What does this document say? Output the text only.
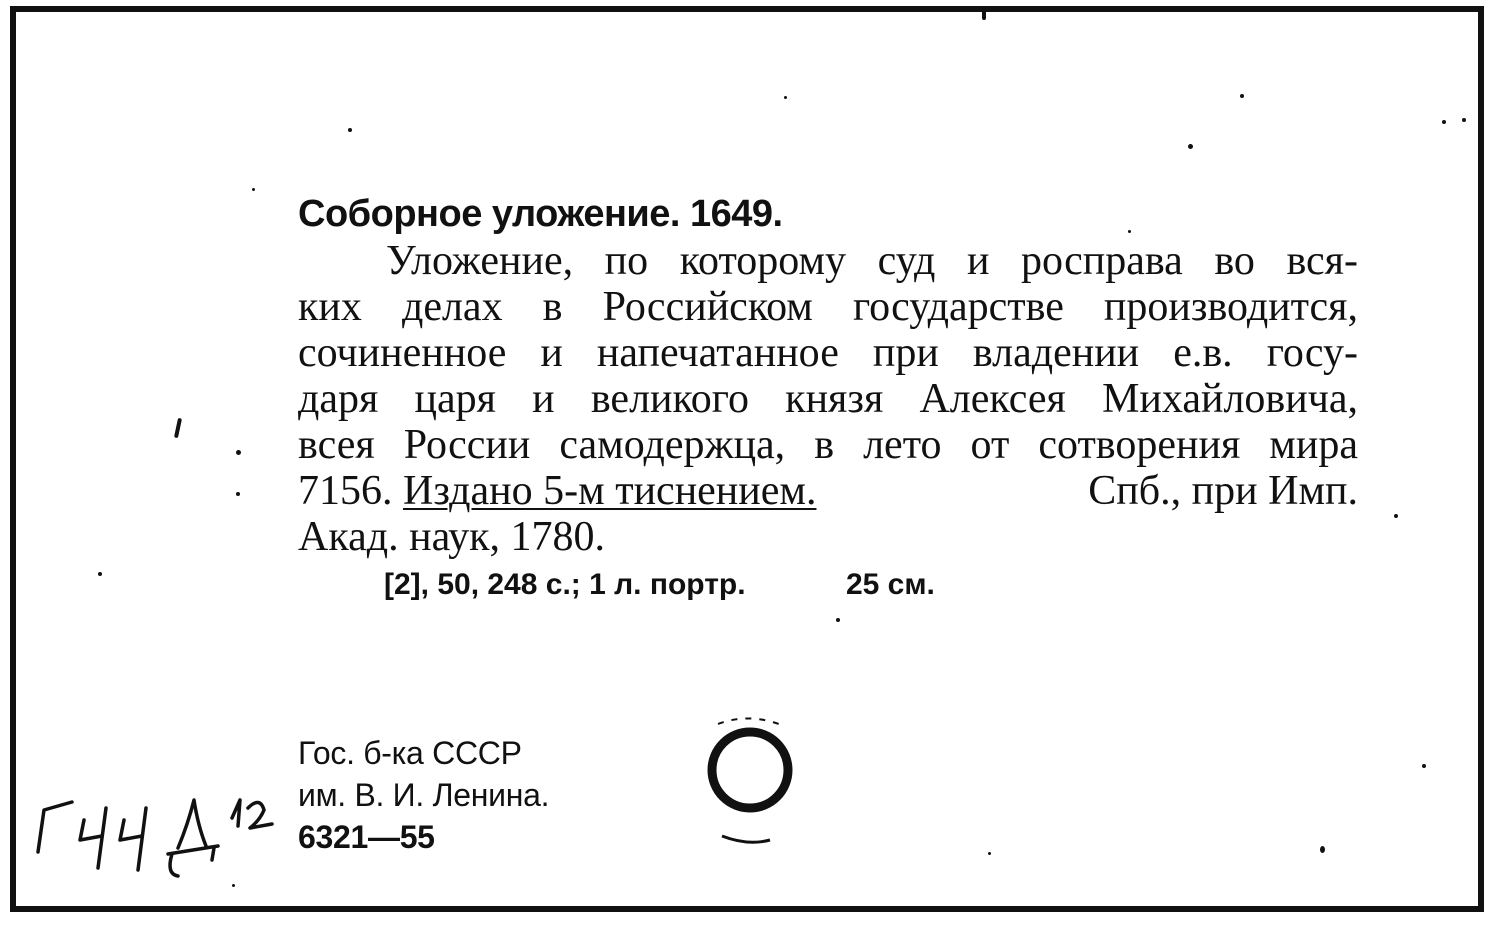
Соборное уложение. 1649.

Уложение, по которому суд и росправа во вся-

ких делах в Российском государстве производится,

сочиненное и напечатанное при владении е.в. госу-

даря царя и великого князя Алексея Михайловича,

всея России самодержца, в лето от сотворения мира

7156. Издано 5-м тиснением.	Спб., при Имп.

Акад. наук, 1780.

[2], 50, 248 с.; 1 л. портр.	25 см.

Гос. б-ка СССР
им. В. И. Ленина.
6321—55
